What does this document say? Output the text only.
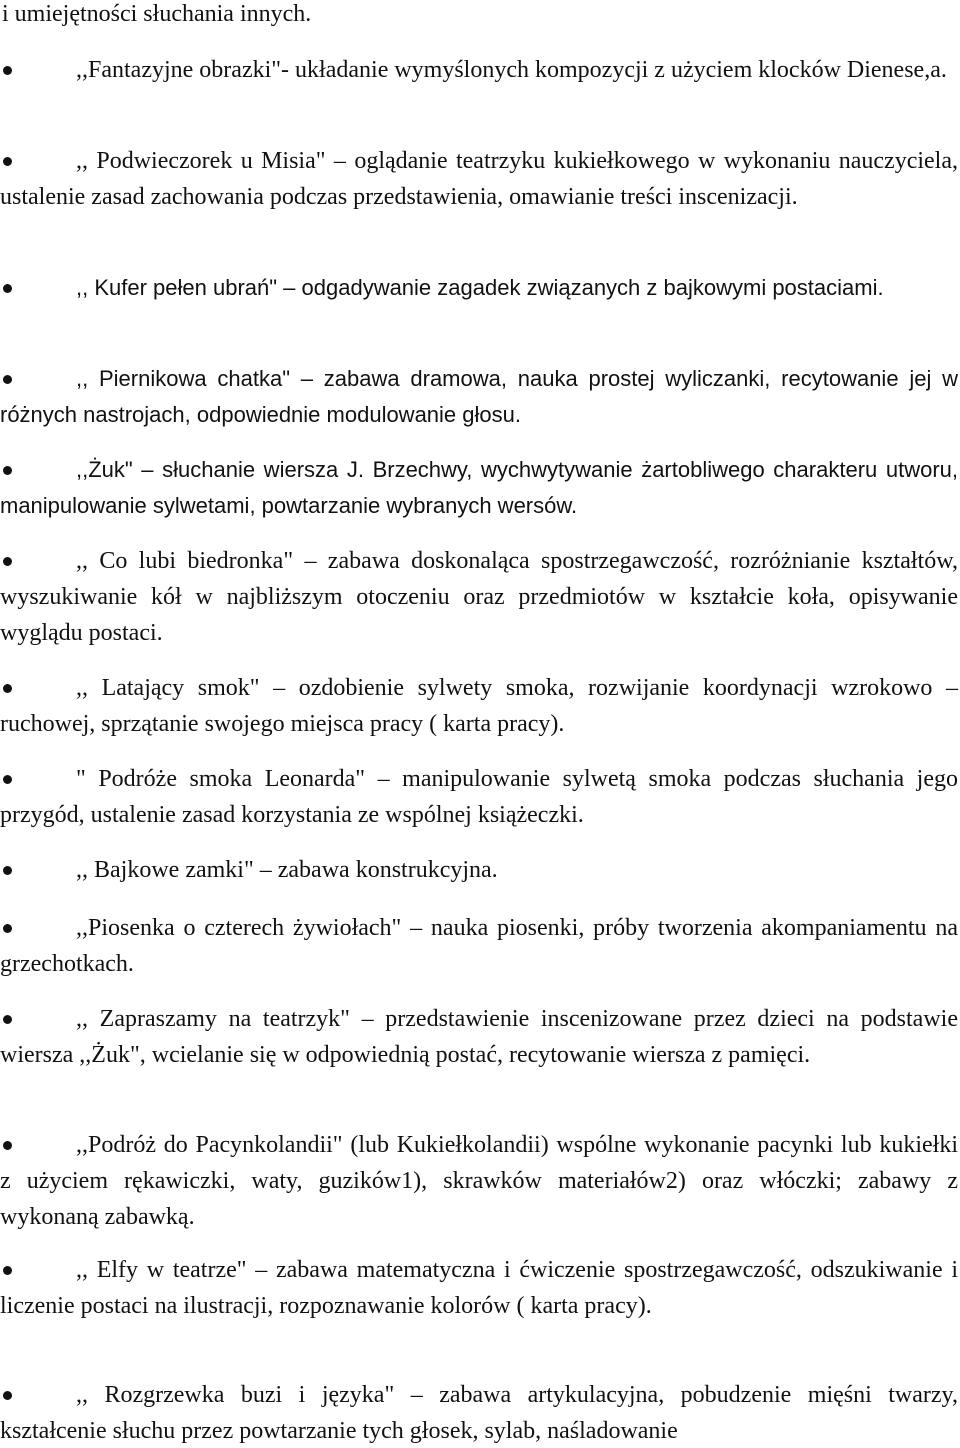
i umiejętności słuchania innych.

,,Fantazyjne obrazki"- układanie wymyślonych kompozycji z użyciem klocków Dienese,a.
,, Podwieczorek u Misia" – oglądanie teatrzyku kukiełkowego w wykonaniu nauczyciela, ustalenie zasad zachowania podczas przedstawienia, omawianie treści inscenizacji.
,, Kufer pełen ubrań" – odgadywanie zagadek związanych z bajkowymi postaciami.
,, Piernikowa chatka" – zabawa dramowa, nauka prostej wyliczanki, recytowanie jej w różnych nastrojach, odpowiednie modulowanie głosu.
,,Żuk" – słuchanie wiersza J. Brzechwy, wychwytywanie żartobliwego charakteru utworu, manipulowanie sylwetami, powtarzanie wybranych wersów.
,, Co lubi biedronka" – zabawa doskonaląca spostrzegawczość, rozróżnianie kształtów, wyszukiwanie kół w najbliższym otoczeniu oraz przedmiotów w kształcie koła, opisywanie wyglądu postaci.
,, Latający smok" – ozdobienie sylwety smoka, rozwijanie koordynacji wzrokowo – ruchowej, sprzątanie swojego miejsca pracy ( karta pracy).
" Podróże smoka Leonarda" – manipulowanie sylwetą smoka podczas słuchania jego przygód, ustalenie zasad korzystania ze wspólnej książeczki.
,, Bajkowe zamki" – zabawa konstrukcyjna.
,,Piosenka o czterech żywiołach" – nauka piosenki, próby tworzenia akompaniamentu na grzechotkach.
,, Zapraszamy na teatrzyk" – przedstawienie inscenizowane przez dzieci na podstawie wiersza ,,Żuk", wcielanie się w odpowiednią postać, recytowanie wiersza z pamięci.
,,Podróż do Pacynkolandii" (lub Kukiełkolandii) wspólne wykonanie pacynki lub kukiełki z użyciem rękawiczki, waty, guzików1), skrawków materiałów2) oraz włóczki; zabawy z wykonaną zabawką.
,, Elfy w teatrze" – zabawa matematyczna i ćwiczenie spostrzegawczość, odszukiwanie i liczenie postaci na ilustracji, rozpoznawanie kolorów ( karta pracy).
,, Rozgrzewka buzi i języka" – zabawa artykulacyjna, pobudzenie mięśni twarzy, kształcenie słuchu przez powtarzanie tych głosek, sylab, naśladowanie
